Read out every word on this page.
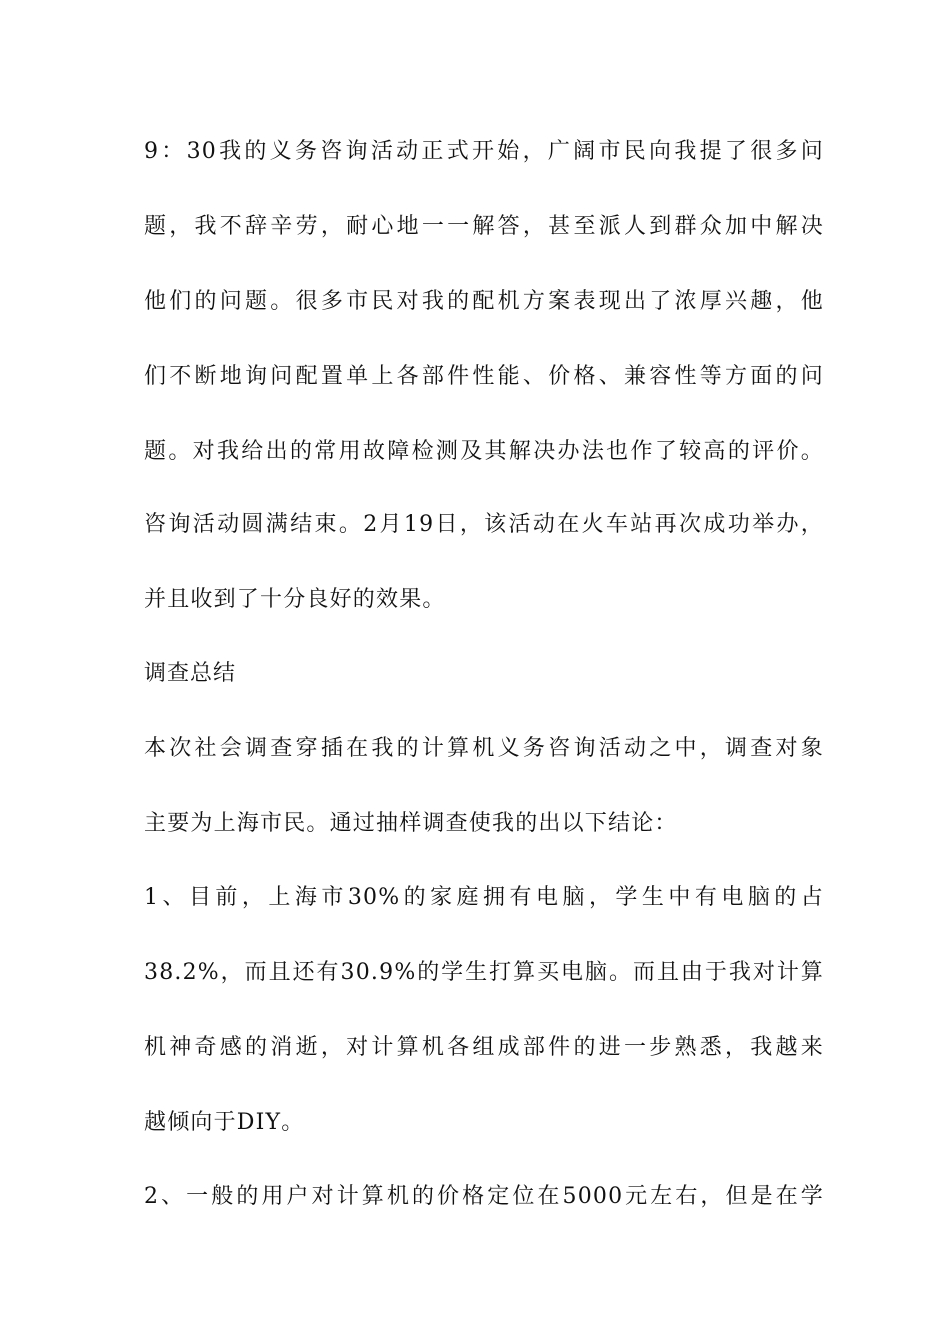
9：30我的义务咨询活动正式开始，广阔市民向我提了很多问
题，我不辞辛劳，耐心地一一解答，甚至派人到群众加中解决
他们的问题。很多市民对我的配机方案表现出了浓厚兴趣，他
们不断地询问配置单上各部件性能、价格、兼容性等方面的问
题。对我给出的常用故障检测及其解决办法也作了较高的评价。
咨询活动圆满结束。2月19日，该活动在火车站再次成功举办，
并且收到了十分良好的效果。
调查总结
本次社会调查穿插在我的计算机义务咨询活动之中，调查对象
主要为上海市民。通过抽样调查使我的出以下结论：
1、目前，上海市30%的家庭拥有电脑，学生中有电脑的占
38.2%，而且还有30.9%的学生打算买电脑。而且由于我对计算
机神奇感的消逝，对计算机各组成部件的进一步熟悉，我越来
越倾向于DIY。
2、一般的用户对计算机的价格定位在5000元左右，但是在学
